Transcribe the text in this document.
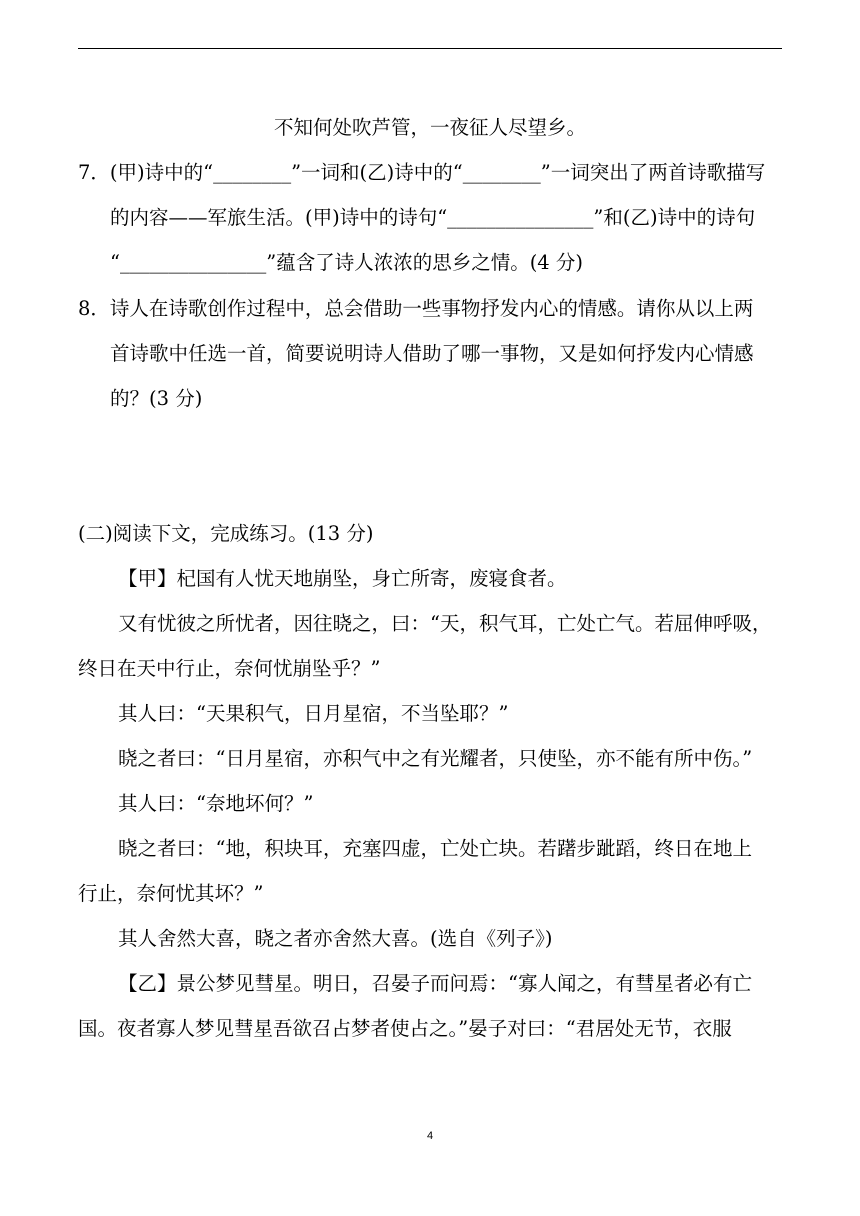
不知何处吹芦管，一夜征人尽望乡。
7．(甲)诗中的“________”一词和(乙)诗中的“________”一词突出了两首诗歌描写
的内容——军旅生活。(甲)诗中的诗句“_______________”和(乙)诗中的诗句
“_______________”蕴含了诗人浓浓的思乡之情。(4 分)
8．诗人在诗歌创作过程中，总会借助一些事物抒发内心的情感。请你从以上两
首诗歌中任选一首，简要说明诗人借助了哪一事物，又是如何抒发内心情感
的？(3 分)
(二)阅读下文，完成练习。(13 分)
【甲】杞国有人忧天地崩坠，身亡所寄，废寝食者。
又有忧彼之所忧者，因往晓之，曰：“天，积气耳，亡处亡气。若屈伸呼吸，
终日在天中行止，奈何忧崩坠乎？”
其人曰：“天果积气，日月星宿，不当坠耶？”
晓之者曰：“日月星宿，亦积气中之有光耀者，只使坠，亦不能有所中伤。”
其人曰：“奈地坏何？”
晓之者曰：“地，积块耳，充塞四虚，亡处亡块。若躇步跐蹈，终日在地上
行止，奈何忧其坏？”
其人舍然大喜，晓之者亦舍然大喜。(选自《列子》)
【乙】景公梦见彗星。明日，召晏子而问焉：“寡人闻之，有彗星者必有亡
国。夜者寡人梦见彗星吾欲召占梦者使占之。”晏子对曰：“君居处无节，衣服
4
